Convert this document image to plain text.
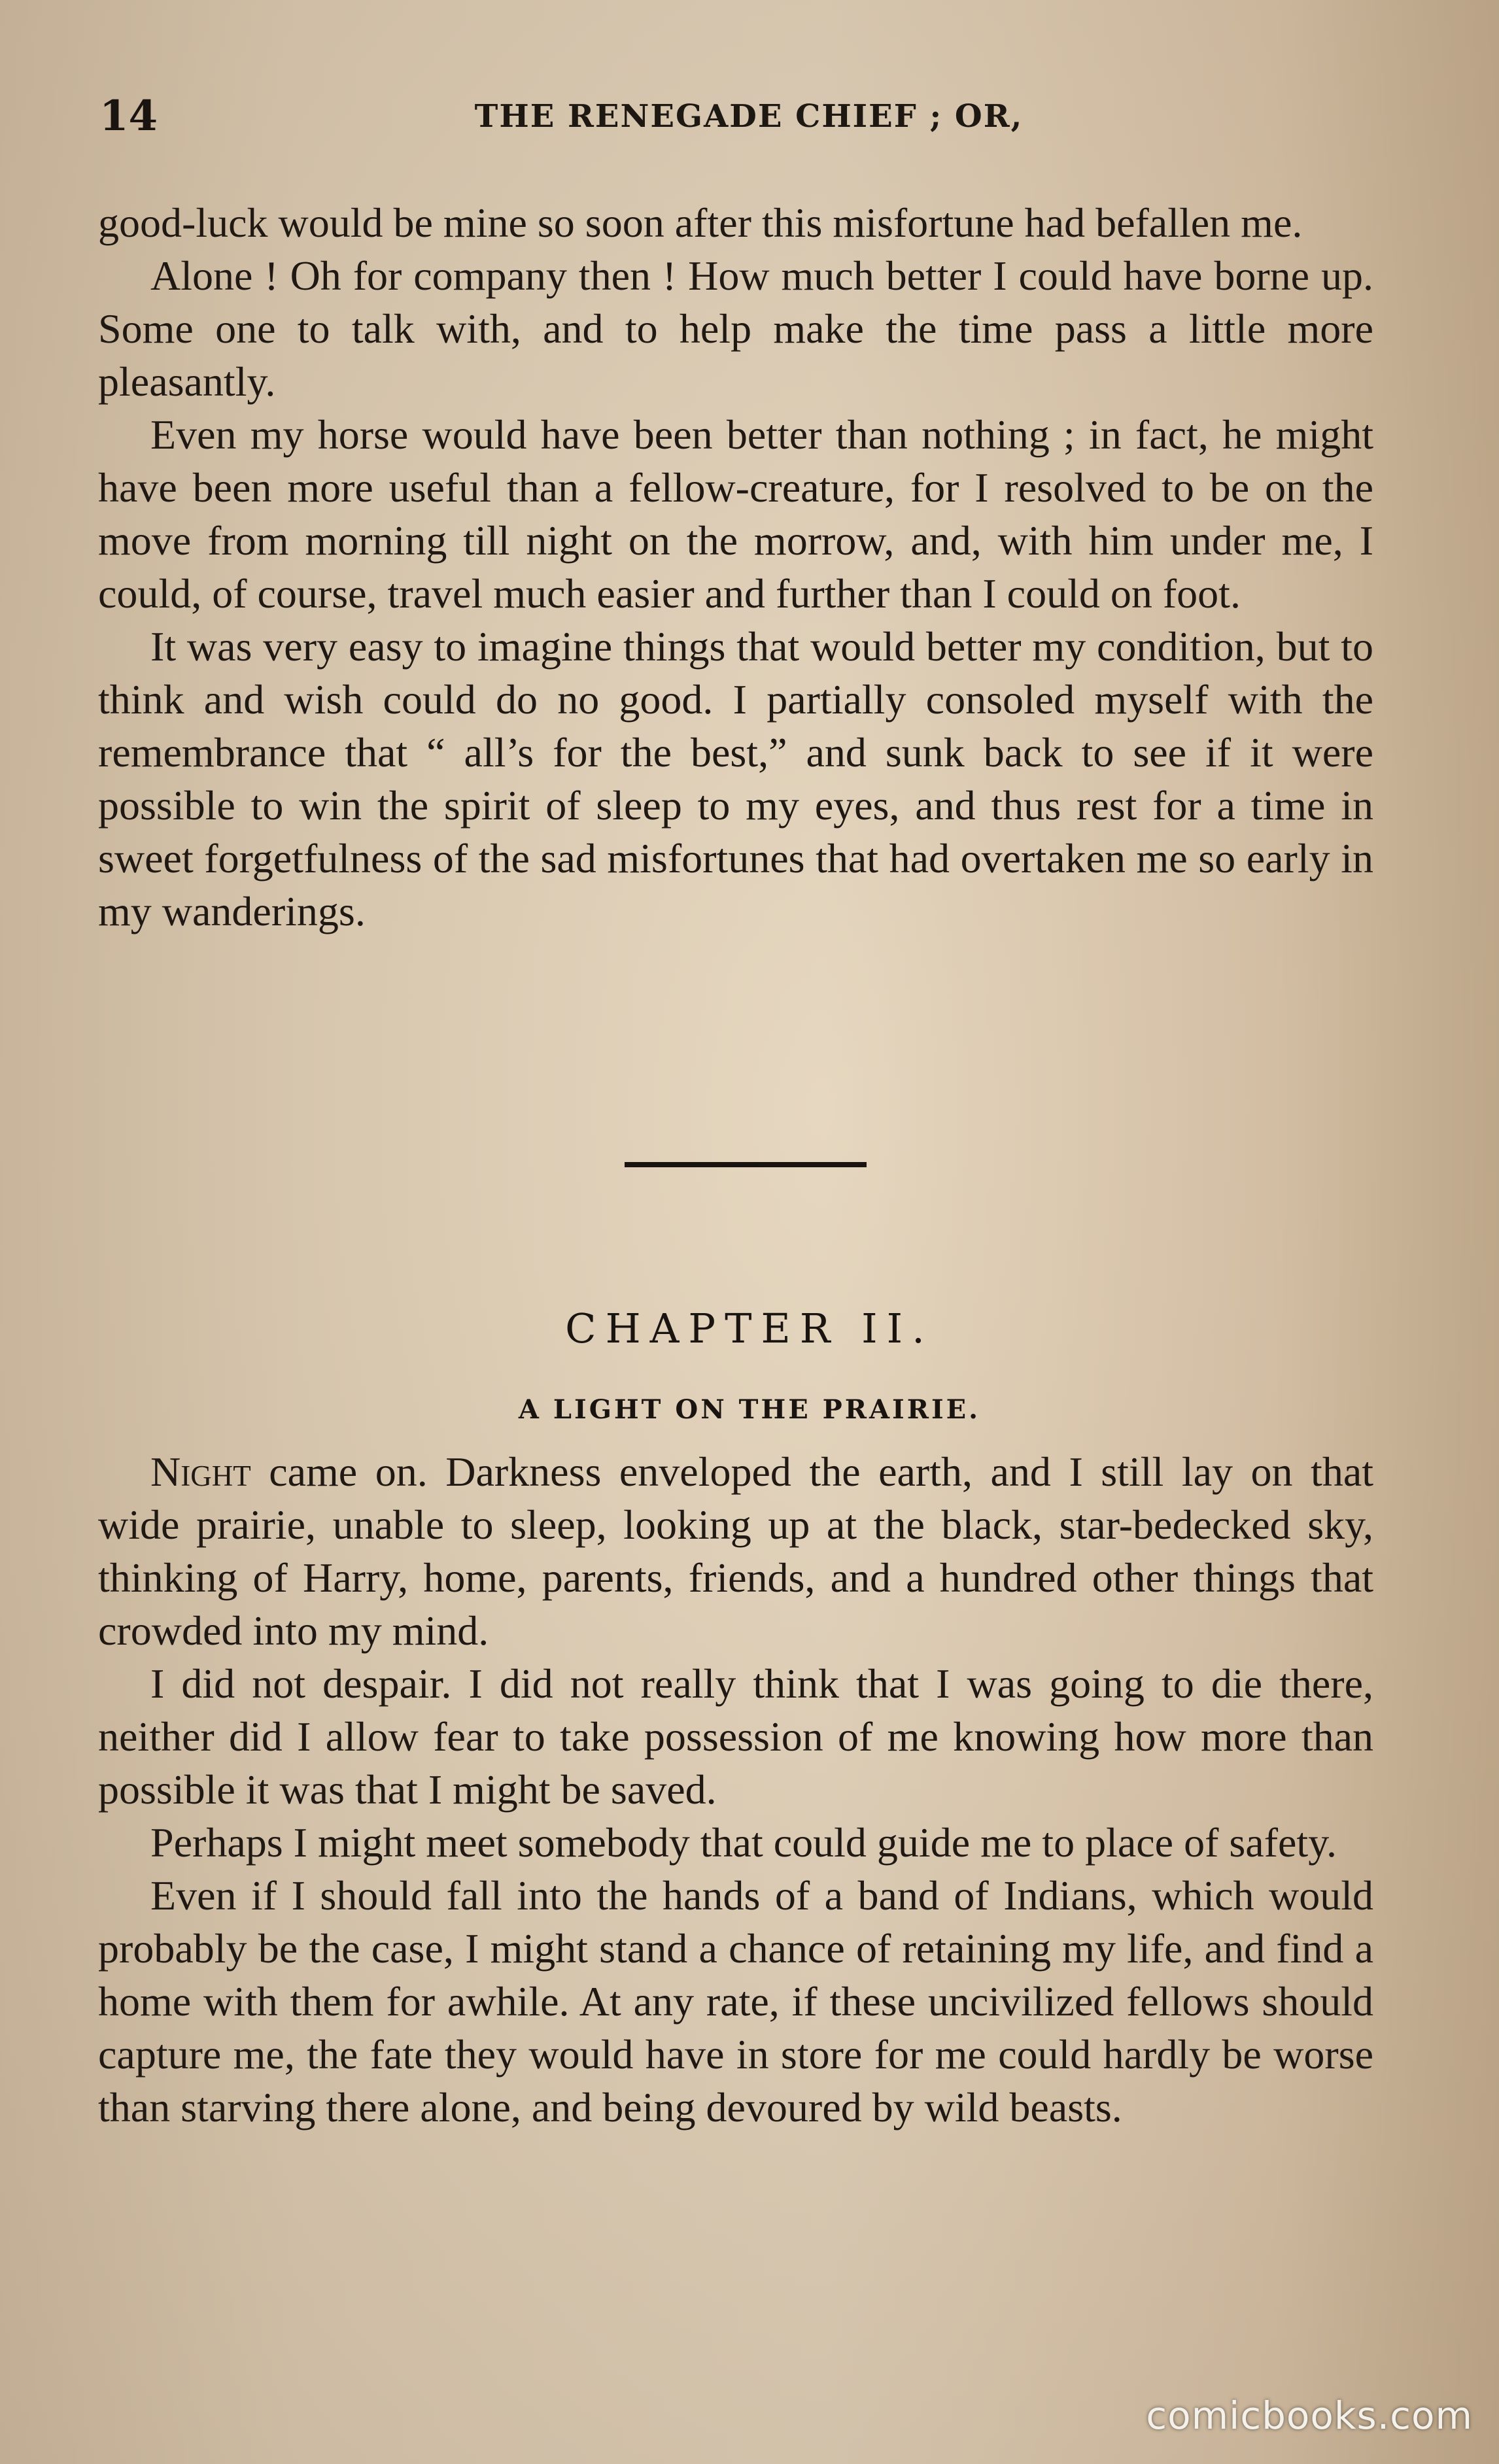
14	THE RENEGADE CHIEF ; OR,

good-luck would be mine so soon after this misfortune had befallen me.

Alone ! Oh for company then ! How much better I could have borne up. Some one to talk with, and to help make the time pass a little more pleasantly.

Even my horse would have been better than nothing ; in fact, he might have been more useful than a fellow-creature, for I resolved to be on the move from morning till night on the morrow, and, with him under me, I could, of course, travel much easier and further than I could on foot.

It was very easy to imagine things that would better my condition, but to think and wish could do no good. I partially consoled myself with the remembrance that “ all’s for the best,” and sunk back to see if it were possible to win the spirit of sleep to my eyes, and thus rest for a time in sweet forgetfulness of the sad misfortunes that had overtaken me so early in my wanderings.

CHAPTER II.
A LIGHT ON THE PRAIRIE.

Night came on. Darkness enveloped the earth, and I still lay on that wide prairie, unable to sleep, looking up at the black, star-bedecked sky, thinking of Harry, home, parents, friends, and a hundred other things that crowded into my mind.

I did not despair. I did not really think that I was going to die there, neither did I allow fear to take possession of me knowing how more than possible it was that I might be saved.

Perhaps I might meet somebody that could guide me to place of safety.

Even if I should fall into the hands of a band of Indians, which would probably be the case, I might stand a chance of retaining my life, and find a home with them for awhile. At any rate, if these uncivilized fellows should capture me, the fate they would have in store for me could hardly be worse than starving there alone, and being devoured by wild beasts.

comicbooks.com
